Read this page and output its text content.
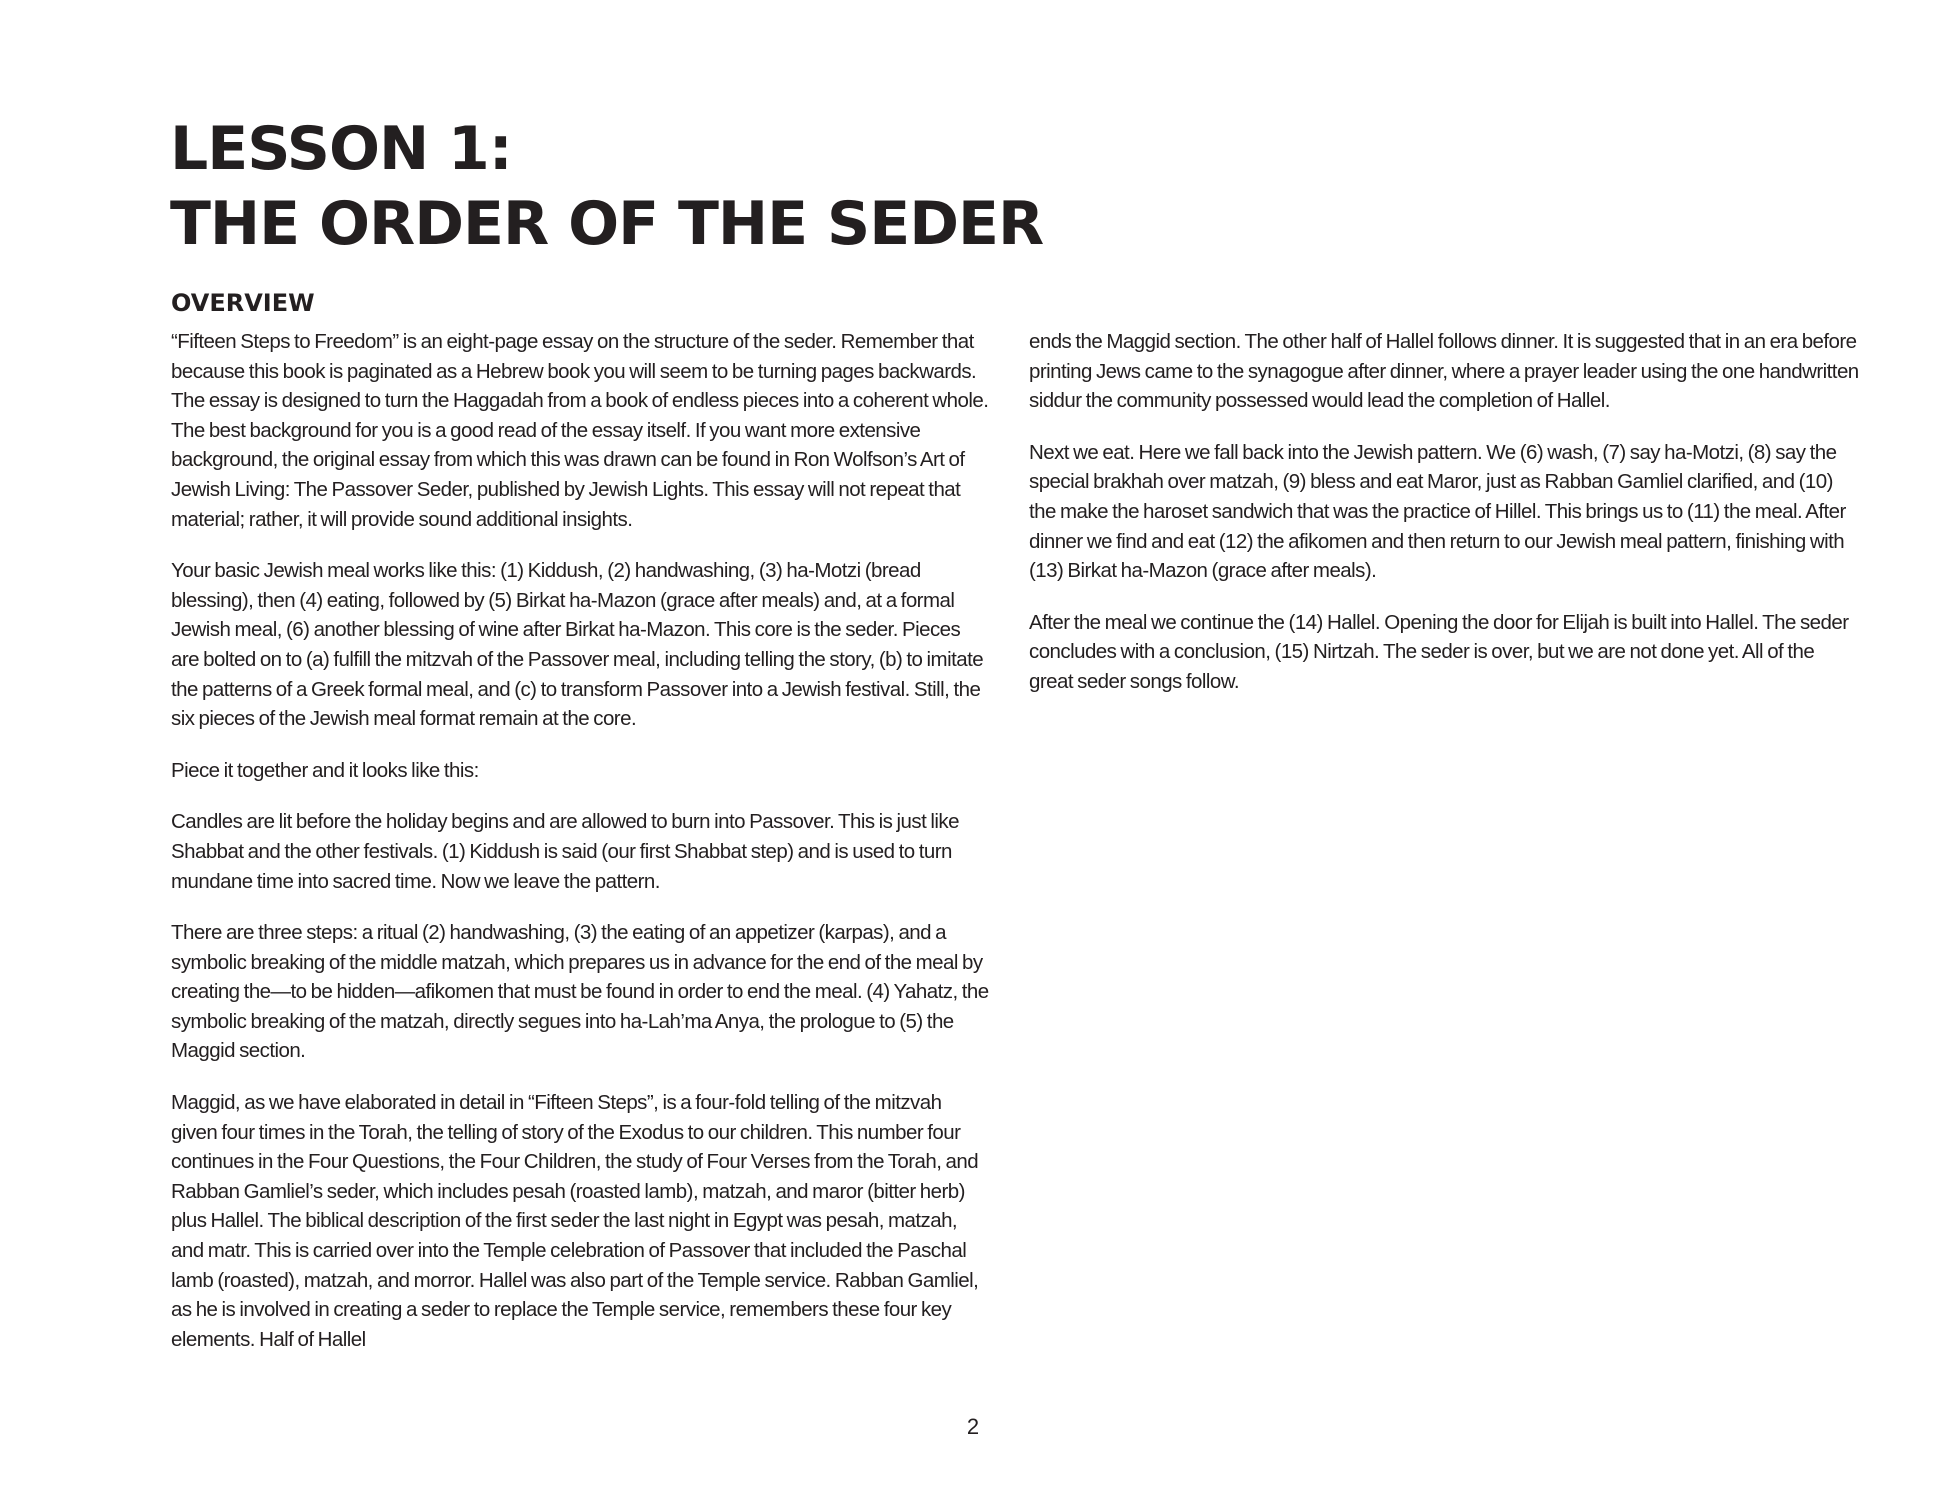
LESSON 1:
THE ORDER OF THE SEDER
OVERVIEW

“Fifteen Steps to Freedom” is an eight-page essay on the structure of the seder. Remember that because this book is paginated as a Hebrew book you will seem to be turning pages backwards. The essay is designed to turn the Haggadah from a book of endless pieces into a coherent whole. The best background for you is a good read of the essay itself. If you want more extensive background, the original essay from which this was drawn can be found in Ron Wolfson’s Art of Jewish Living: The Passover Seder, published by Jewish Lights. This essay will not repeat that material; rather, it will provide sound additional insights.

Your basic Jewish meal works like this: (1) Kiddush, (2) handwashing, (3) ha-Motzi (bread blessing), then (4) eating, followed by (5) Birkat ha-Mazon (grace after meals) and, at a formal Jewish meal, (6) another blessing of wine after Birkat ha-Mazon. This core is the seder. Pieces are bolted on to (a) fulfill the mitzvah of the Passover meal, including telling the story, (b) to imitate the patterns of a Greek formal meal, and (c) to transform Passover into a Jewish festival. Still, the six pieces of the Jewish meal format remain at the core.

Piece it together and it looks like this:

Candles are lit before the holiday begins and are allowed to burn into Passover. This is just like Shabbat and the other festivals. (1) Kiddush is said (our first Shabbat step) and is used to turn mundane time into sacred time. Now we leave the pattern.

There are three steps: a ritual (2) handwashing, (3) the eating of an appetizer (karpas), and a symbolic breaking of the middle matzah, which prepares us in advance for the end of the meal by creating the—to be hidden—afikomen that must be found in order to end the meal. (4) Yahatz, the symbolic breaking of the matzah, directly segues into ha-Lah’ma Anya, the prologue to (5) the Maggid section.

Maggid, as we have elaborated in detail in “Fifteen Steps”, is a four-fold telling of the mitzvah given four times in the Torah, the telling of story of the Exodus to our children. This number four continues in the Four Questions, the Four Children, the study of Four Verses from the Torah, and Rabban Gamliel’s seder, which includes pesah (roasted lamb), matzah, and maror (bitter herb) plus Hallel. The biblical description of the first seder the last night in Egypt was pesah, matzah, and matr. This is carried over into the Temple celebration of Passover that included the Paschal lamb (roasted), matzah, and morror. Hallel was also part of the Temple service. Rabban Gamliel, as he is involved in creating a seder to replace the Temple service, remembers these four key elements. Half of Hallel

ends the Maggid section. The other half of Hallel follows dinner. It is suggested that in an era before printing Jews came to the synagogue after dinner, where a prayer leader using the one handwritten siddur the community possessed would lead the completion of Hallel.

Next we eat. Here we fall back into the Jewish pattern. We (6) wash, (7) say ha-Motzi, (8) say the special brakhah over matzah, (9) bless and eat Maror, just as Rabban Gamliel clarified, and (10) the make the haroset sandwich that was the practice of Hillel. This brings us to (11) the meal. After dinner we find and eat (12) the afikomen and then return to our Jewish meal pattern, finishing with (13) Birkat ha-Mazon (grace after meals).

After the meal we continue the (14) Hallel. Opening the door for Elijah is built into Hallel. The seder concludes with a conclusion, (15) Nirtzah. The seder is over, but we are not done yet. All of the great seder songs follow.

2
